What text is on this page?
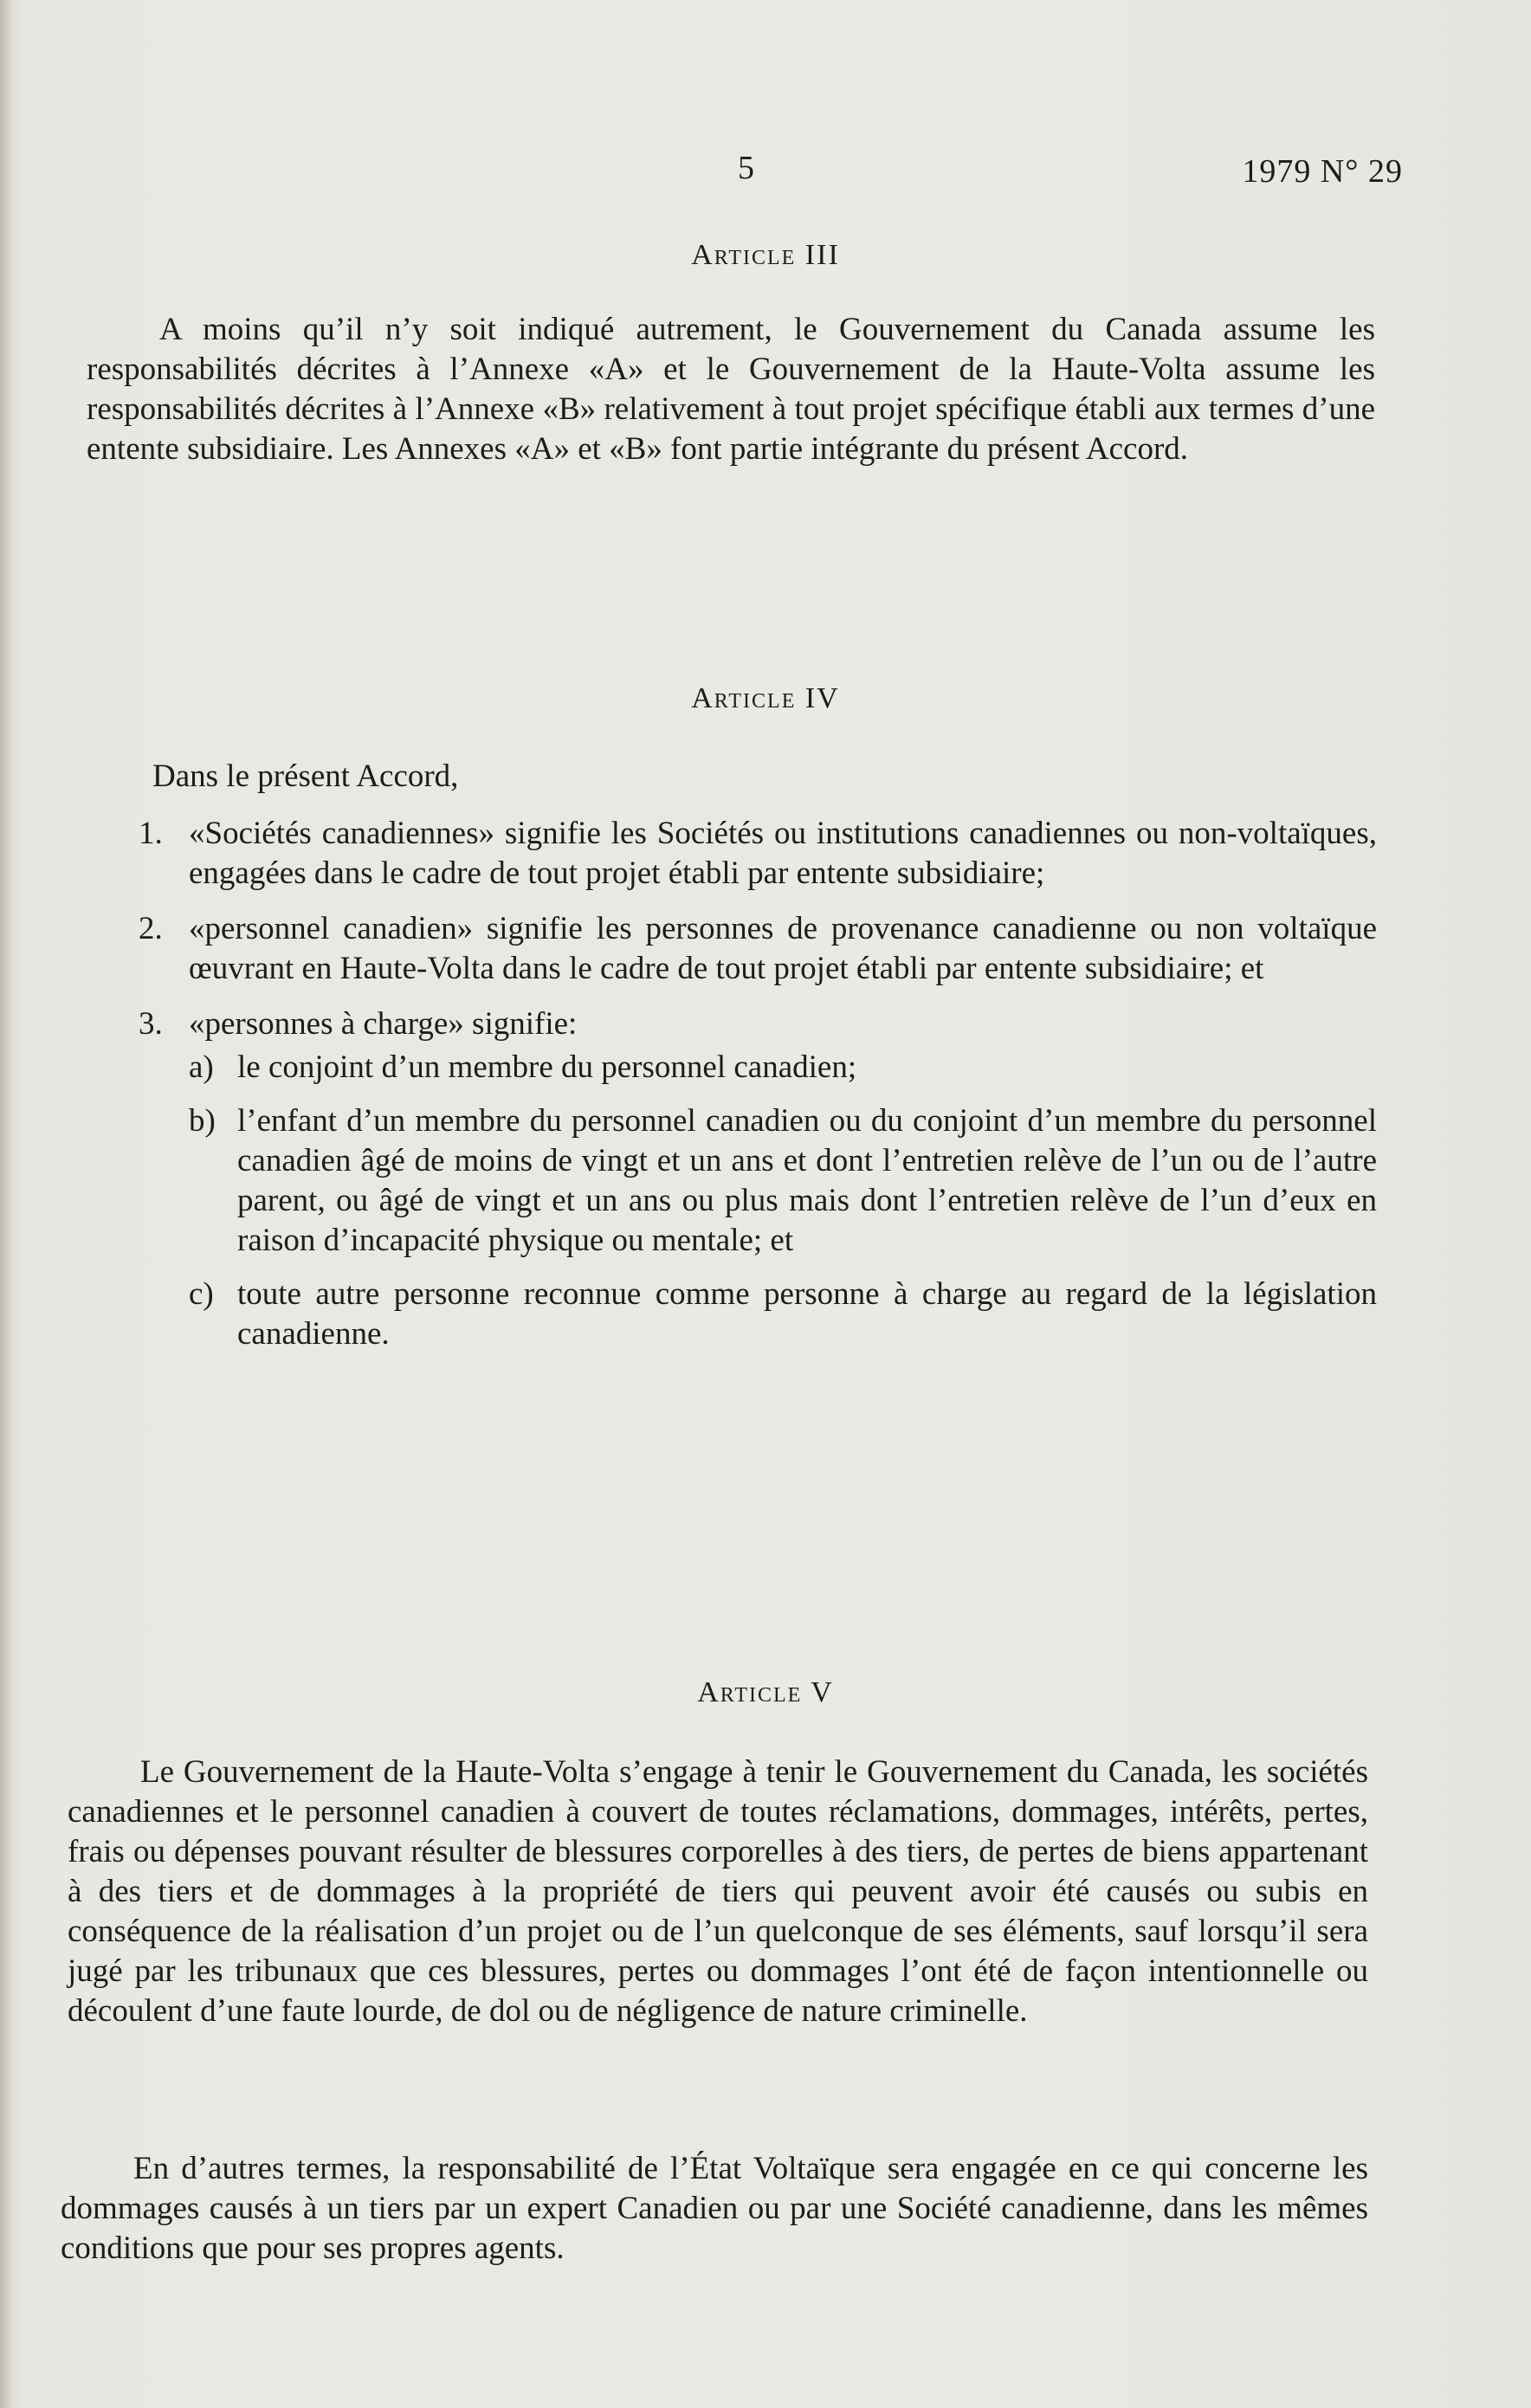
5	1979 N° 29
Article III
A moins qu’il n’y soit indiqué autrement, le Gouvernement du Canada assume les responsabilités décrites à l’Annexe «A» et le Gouvernement de la Haute-Volta assume les responsabilités décrites à l’Annexe «B» relativement à tout projet spécifique établi aux termes d’une entente subsidiaire. Les Annexes «A» et «B» font partie intégrante du présent Accord.
Article IV
Dans le présent Accord,
1. «Sociétés canadiennes» signifie les Sociétés ou institutions canadiennes ou non-voltaïques, engagées dans le cadre de tout projet établi par entente subsidiaire;
2. «personnel canadien» signifie les personnes de provenance canadienne ou non voltaïque œuvrant en Haute-Volta dans le cadre de tout projet établi par entente subsidiaire; et
3. «personnes à charge» signifie:
a) le conjoint d’un membre du personnel canadien;
b) l’enfant d’un membre du personnel canadien ou du conjoint d’un membre du personnel canadien âgé de moins de vingt et un ans et dont l’entretien relève de l’un ou de l’autre parent, ou âgé de vingt et un ans ou plus mais dont l’entretien relève de l’un d’eux en raison d’incapacité physique ou mentale; et
c) toute autre personne reconnue comme personne à charge au regard de la législation canadienne.
Article V
Le Gouvernement de la Haute-Volta s’engage à tenir le Gouvernement du Canada, les sociétés canadiennes et le personnel canadien à couvert de toutes réclamations, dommages, intérêts, pertes, frais ou dépenses pouvant résulter de blessures corporelles à des tiers, de pertes de biens appartenant à des tiers et de dommages à la propriété de tiers qui peuvent avoir été causés ou subis en conséquence de la réalisation d’un projet ou de l’un quelconque de ses éléments, sauf lorsqu’il sera jugé par les tribunaux que ces blessures, pertes ou dommages l’ont été de façon intentionnelle ou découlent d’une faute lourde, de dol ou de négligence de nature criminelle.
En d’autres termes, la responsabilité de l’État Voltaïque sera engagée en ce qui concerne les dommages causés à un tiers par un expert Canadien ou par une Société canadienne, dans les mêmes conditions que pour ses propres agents.
